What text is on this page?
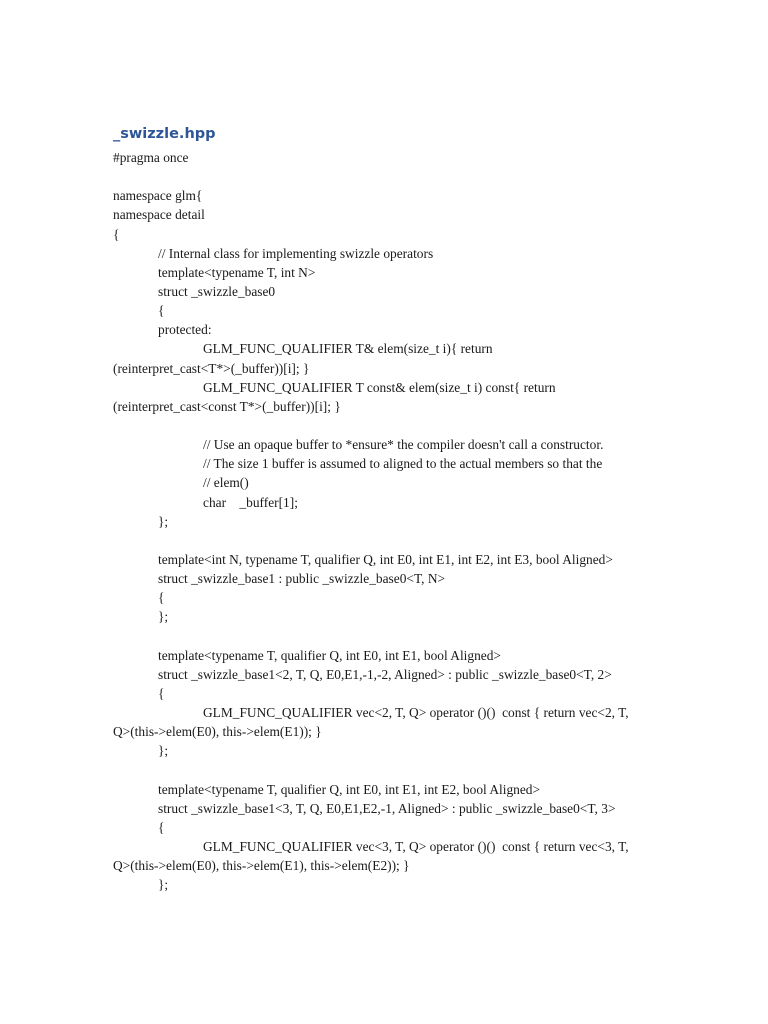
_swizzle.hpp
#pragma once
namespace glm{
namespace detail
{
// Internal class for implementing swizzle operators
template<typename T, int N>
struct _swizzle_base0
{
protected:
GLM_FUNC_QUALIFIER T& elem(size_t i){ return
(reinterpret_cast<T*>(_buffer))[i]; }
GLM_FUNC_QUALIFIER T const& elem(size_t i) const{ return
(reinterpret_cast<const T*>(_buffer))[i]; }
// Use an opaque buffer to *ensure* the compiler doesn't call a constructor.
// The size 1 buffer is assumed to aligned to the actual members so that the
// elem()
char    _buffer[1];
};
template<int N, typename T, qualifier Q, int E0, int E1, int E2, int E3, bool Aligned>
struct _swizzle_base1 : public _swizzle_base0<T, N>
{
};
template<typename T, qualifier Q, int E0, int E1, bool Aligned>
struct _swizzle_base1<2, T, Q, E0,E1,-1,-2, Aligned> : public _swizzle_base0<T, 2>
{
GLM_FUNC_QUALIFIER vec<2, T, Q> operator ()()  const { return vec<2, T,
Q>(this->elem(E0), this->elem(E1)); }
};
template<typename T, qualifier Q, int E0, int E1, int E2, bool Aligned>
struct _swizzle_base1<3, T, Q, E0,E1,E2,-1, Aligned> : public _swizzle_base0<T, 3>
{
GLM_FUNC_QUALIFIER vec<3, T, Q> operator ()()  const { return vec<3, T,
Q>(this->elem(E0), this->elem(E1), this->elem(E2)); }
};
